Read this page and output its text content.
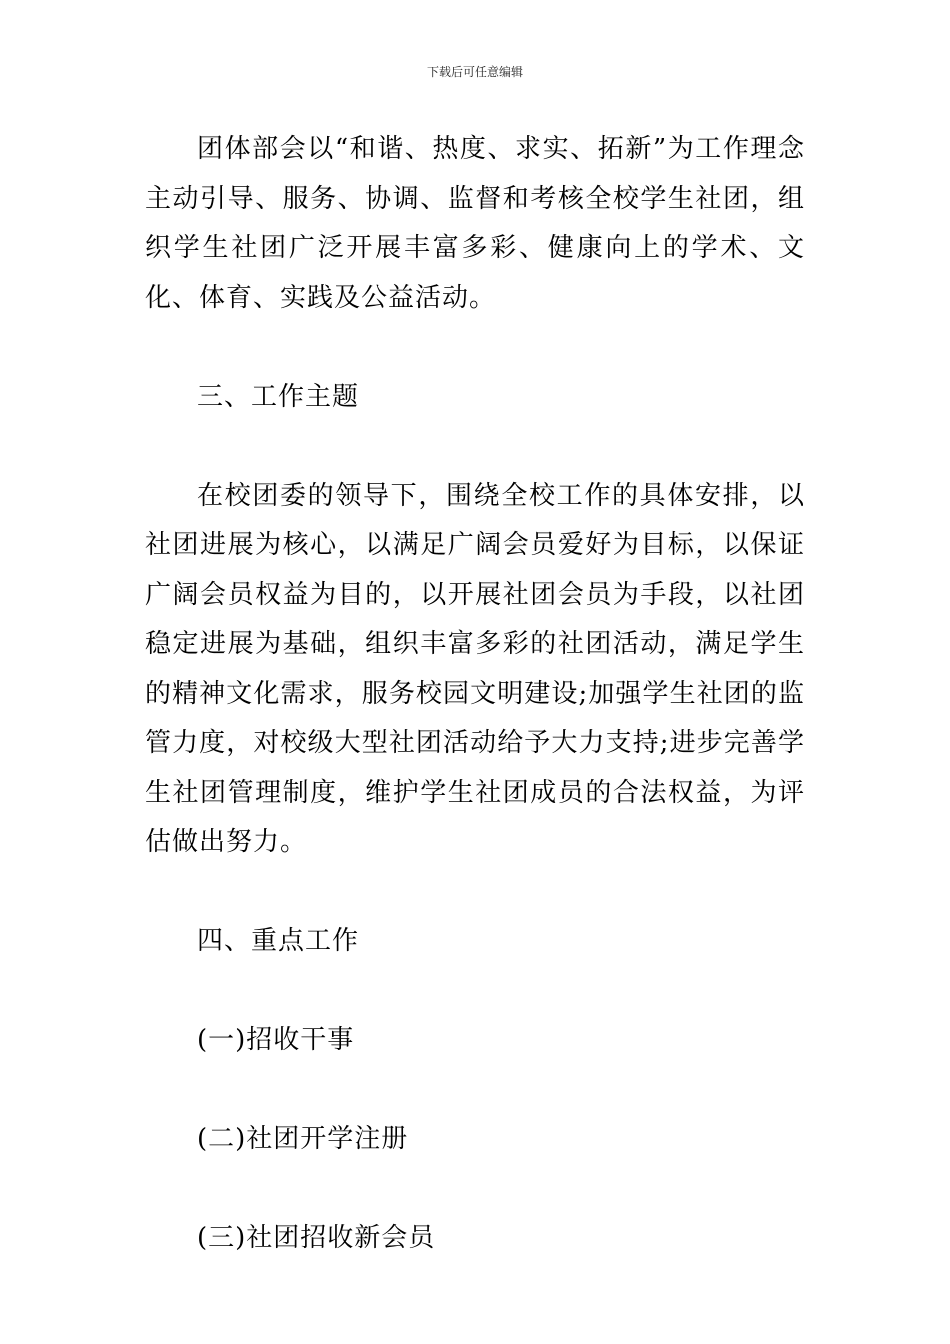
下载后可任意编辑

团体部会以“和谐、热度、求实、拓新”为工作理念主动引导、服务、协调、监督和考核全校学生社团，组织学生社团广泛开展丰富多彩、健康向上的学术、文化、体育、实践及公益活动。

三、工作主题

在校团委的领导下，围绕全校工作的具体安排，以社团进展为核心，以满足广阔会员爱好为目标，以保证广阔会员权益为目的，以开展社团会员为手段，以社团稳定进展为基础，组织丰富多彩的社团活动，满足学生的精神文化需求，服务校园文明建设;加强学生社团的监管力度，对校级大型社团活动给予大力支持;进步完善学生社团管理制度，维护学生社团成员的合法权益，为评估做出努力。

四、重点工作

(一)招收干事

(二)社团开学注册

(三)社团招收新会员
